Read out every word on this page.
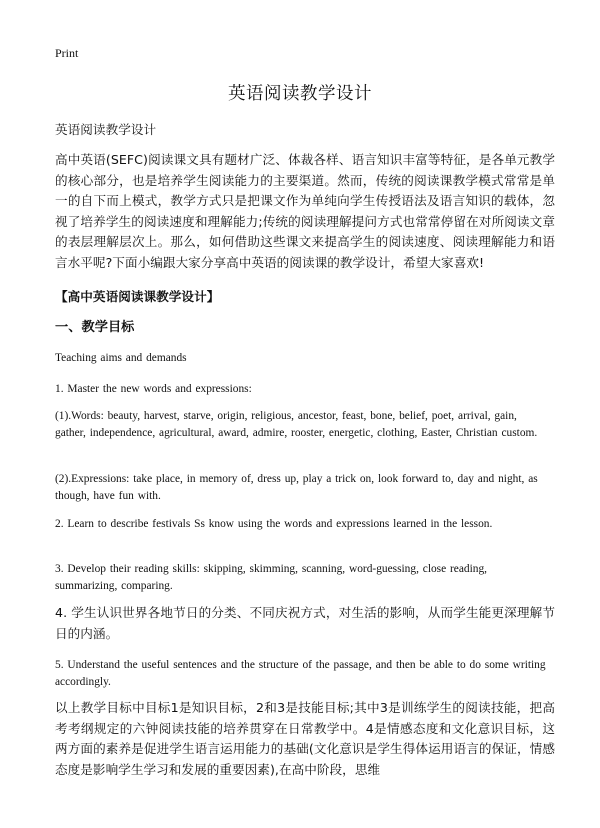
Print
英语阅读教学设计
英语阅读教学设计
高中英语(SEFC)阅读课文具有题材广泛、体裁各样、语言知识丰富等特征，是各单元教学的核心部分，也是培养学生阅读能力的主要渠道。然而，传统的阅读课教学模式常常是单一的自下而上模式，教学方式只是把课文作为单纯向学生传授语法及语言知识的载体，忽视了培养学生的阅读速度和理解能力;传统的阅读理解提问方式也常常停留在对所阅读文章的表层理解层次上。那么，如何借助这些课文来提高学生的阅读速度、阅读理解能力和语言水平呢?下面小编跟大家分享高中英语的阅读课的教学设计，希望大家喜欢!
【高中英语阅读课教学设计】
一、教学目标
Teaching aims and demands
1. Master the new words and expressions:
(1).Words: beauty, harvest, starve, origin, religious, ancestor, feast, bone, belief, poet, arrival, gain, gather, independence, agricultural, award, admire, rooster, energetic, clothing, Easter, Christian custom.
(2).Expressions: take place, in memory of, dress up, play a trick on, look forward to, day and night, as though, have fun with.
2. Learn to describe festivals Ss know using the words and expressions learned in the lesson.
3. Develop their reading skills: skipping, skimming, scanning, word-guessing, close reading, summarizing, comparing.
4. 学生认识世界各地节日的分类、不同庆祝方式，对生活的影响，从而学生能更深理解节日的内涵。
5. Understand the useful sentences and the structure of the passage, and then be able to do some writing accordingly.
以上教学目标中目标1是知识目标，2和3是技能目标;其中3是训练学生的阅读技能，把高考考纲规定的六钟阅读技能的培养贯穿在日常教学中。4是情感态度和文化意识目标，这两方面的素养是促进学生语言运用能力的基础(文化意识是学生得体运用语言的保证，情感态度是影响学生学习和发展的重要因素),在高中阶段，思维
